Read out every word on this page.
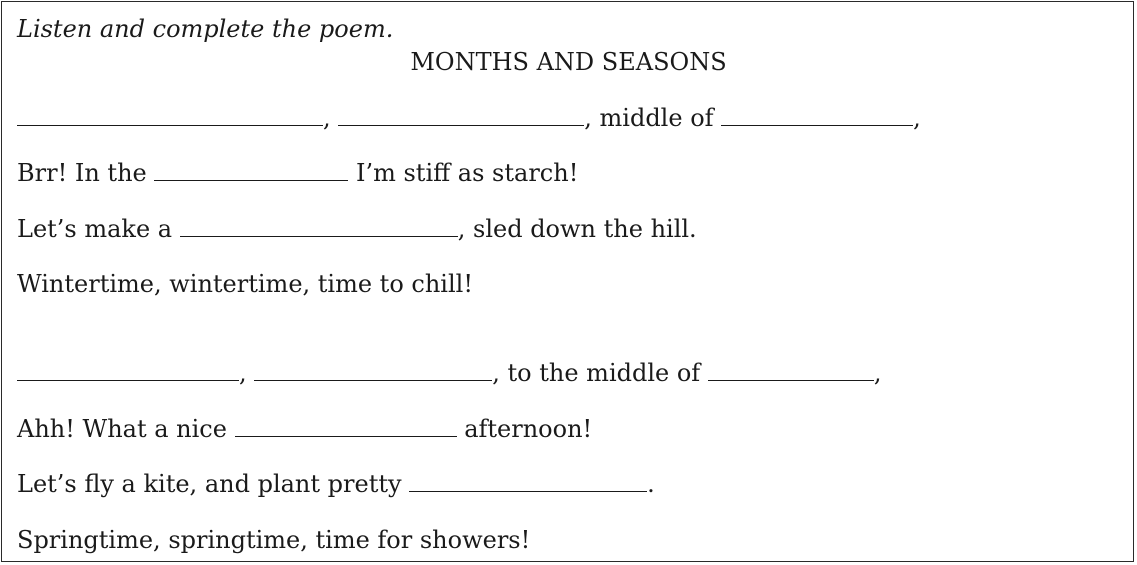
Listen and complete the poem.
MONTHS AND SEASONS
,	, middle of	,
Brr! In the	I’m stiff as starch!
Let’s make a	, sled down the hill.
Wintertime, wintertime, time to chill!
,	, to the middle of	,
Ahh! What a nice	afternoon!
Let’s fly a kite, and plant pretty	.
Springtime, springtime, time for showers!
